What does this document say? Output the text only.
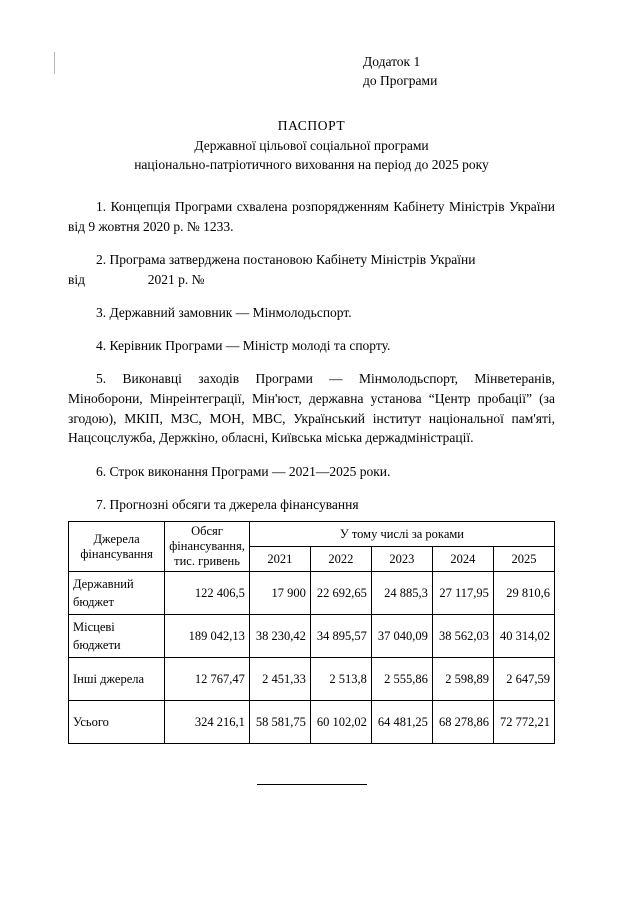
Додаток 1
до Програми
ПАСПОРТ
Державної цільової соціальної програми
національно-патріотичного виховання на період до 2025 року

1. Концепція Програми схвалена розпорядженням Кабінету Міністрів України від 9 жовтня 2020 р. № 1233.

2. Програма затверджена постановою Кабінету Міністрів України
від	2021 р. №

3. Державний замовник — Мінмолодьспорт.

4. Керівник Програми — Міністр молоді та спорту.

5. Виконавці заходів Програми — Мінмолодьспорт, Мінветеранів, Міноборони, Мінреінтеграції, Мін'юст, державна установа “Центр пробації” (за згодою), МКІП, МЗС, МОН, МВС, Український інститут національної пам'яті, Нацсоцслужба, Держкіно, обласні, Київська міська держадміністрації.

6. Строк виконання Програми — 2021—2025 роки.

7. Прогнозні обсяги та джерела фінансування

Джерела фінансування	Обсяг фінансування, тис. гривень	У тому числі за роками				
		2021	2022	2023	2024	2025
Державний бюджет	122 406,5	17 900	22 692,65	24 885,3	27 117,95	29 810,6
Місцеві бюджети	189 042,13	38 230,42	34 895,57	37 040,09	38 562,03	40 314,02
Інші джерела	12 767,47	2 451,33	2 513,8	2 555,86	2 598,89	2 647,59
Усього	324 216,1	58 581,75	60 102,02	64 481,25	68 278,86	72 772,21
